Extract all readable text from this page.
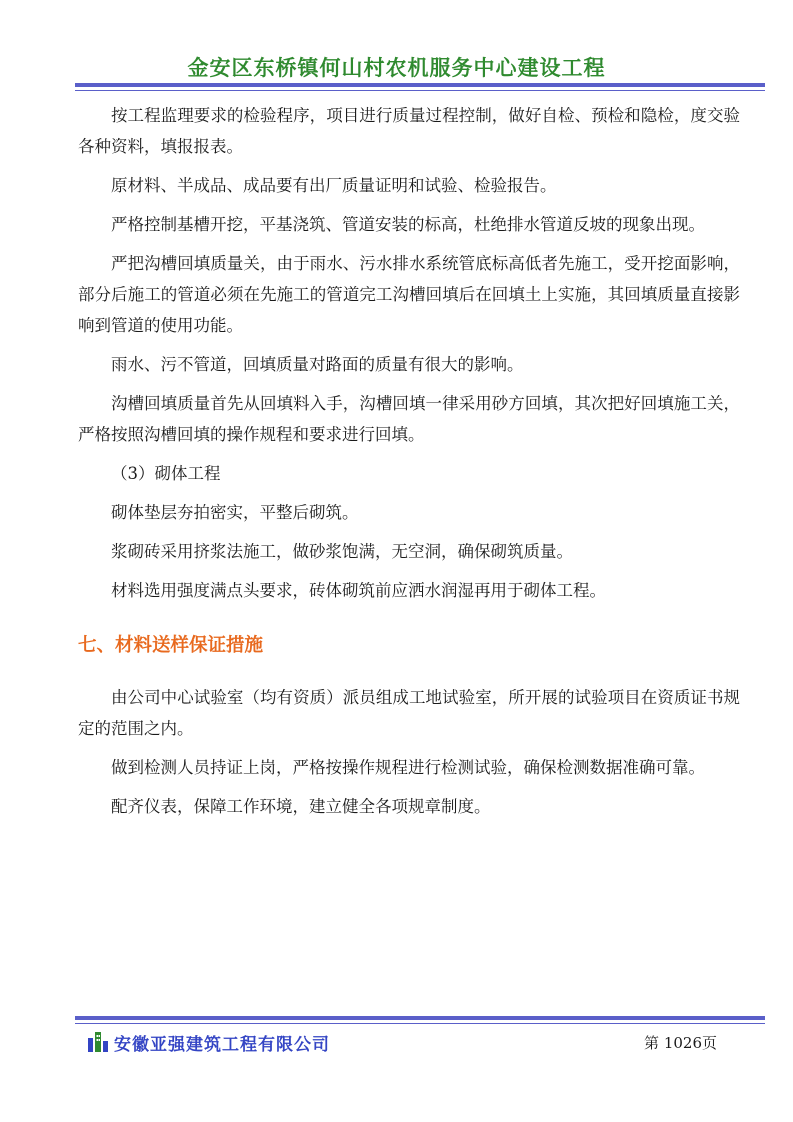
金安区东桥镇何山村农机服务中心建设工程

按工程监理要求的检验程序，项目进行质量过程控制，做好自检、预检和隐检，度交验各种资料，填报报表。

原材料、半成品、成品要有出厂质量证明和试验、检验报告。

严格控制基槽开挖，平基浇筑、管道安装的标高，杜绝排水管道反坡的现象出现。

严把沟槽回填质量关，由于雨水、污水排水系统管底标高低者先施工，受开挖面影响，部分后施工的管道必须在先施工的管道完工沟槽回填后在回填土上实施，其回填质量直接影响到管道的使用功能。

雨水、污不管道，回填质量对路面的质量有很大的影响。

沟槽回填质量首先从回填料入手，沟槽回填一律采用砂方回填，其次把好回填施工关，严格按照沟槽回填的操作规程和要求进行回填。

（3）砌体工程

砌体垫层夯拍密实，平整后砌筑。

浆砌砖采用挤浆法施工，做砂浆饱满，无空洞，确保砌筑质量。

材料选用强度满点头要求，砖体砌筑前应洒水润湿再用于砌体工程。

七、材料送样保证措施

由公司中心试验室（均有资质）派员组成工地试验室，所开展的试验项目在资质证书规定的范围之内。

做到检测人员持证上岗，严格按操作规程进行检测试验，确保检测数据准确可靠。

配齐仪表，保障工作环境，建立健全各项规章制度。

安徽亚强建筑工程有限公司	第 1026页
